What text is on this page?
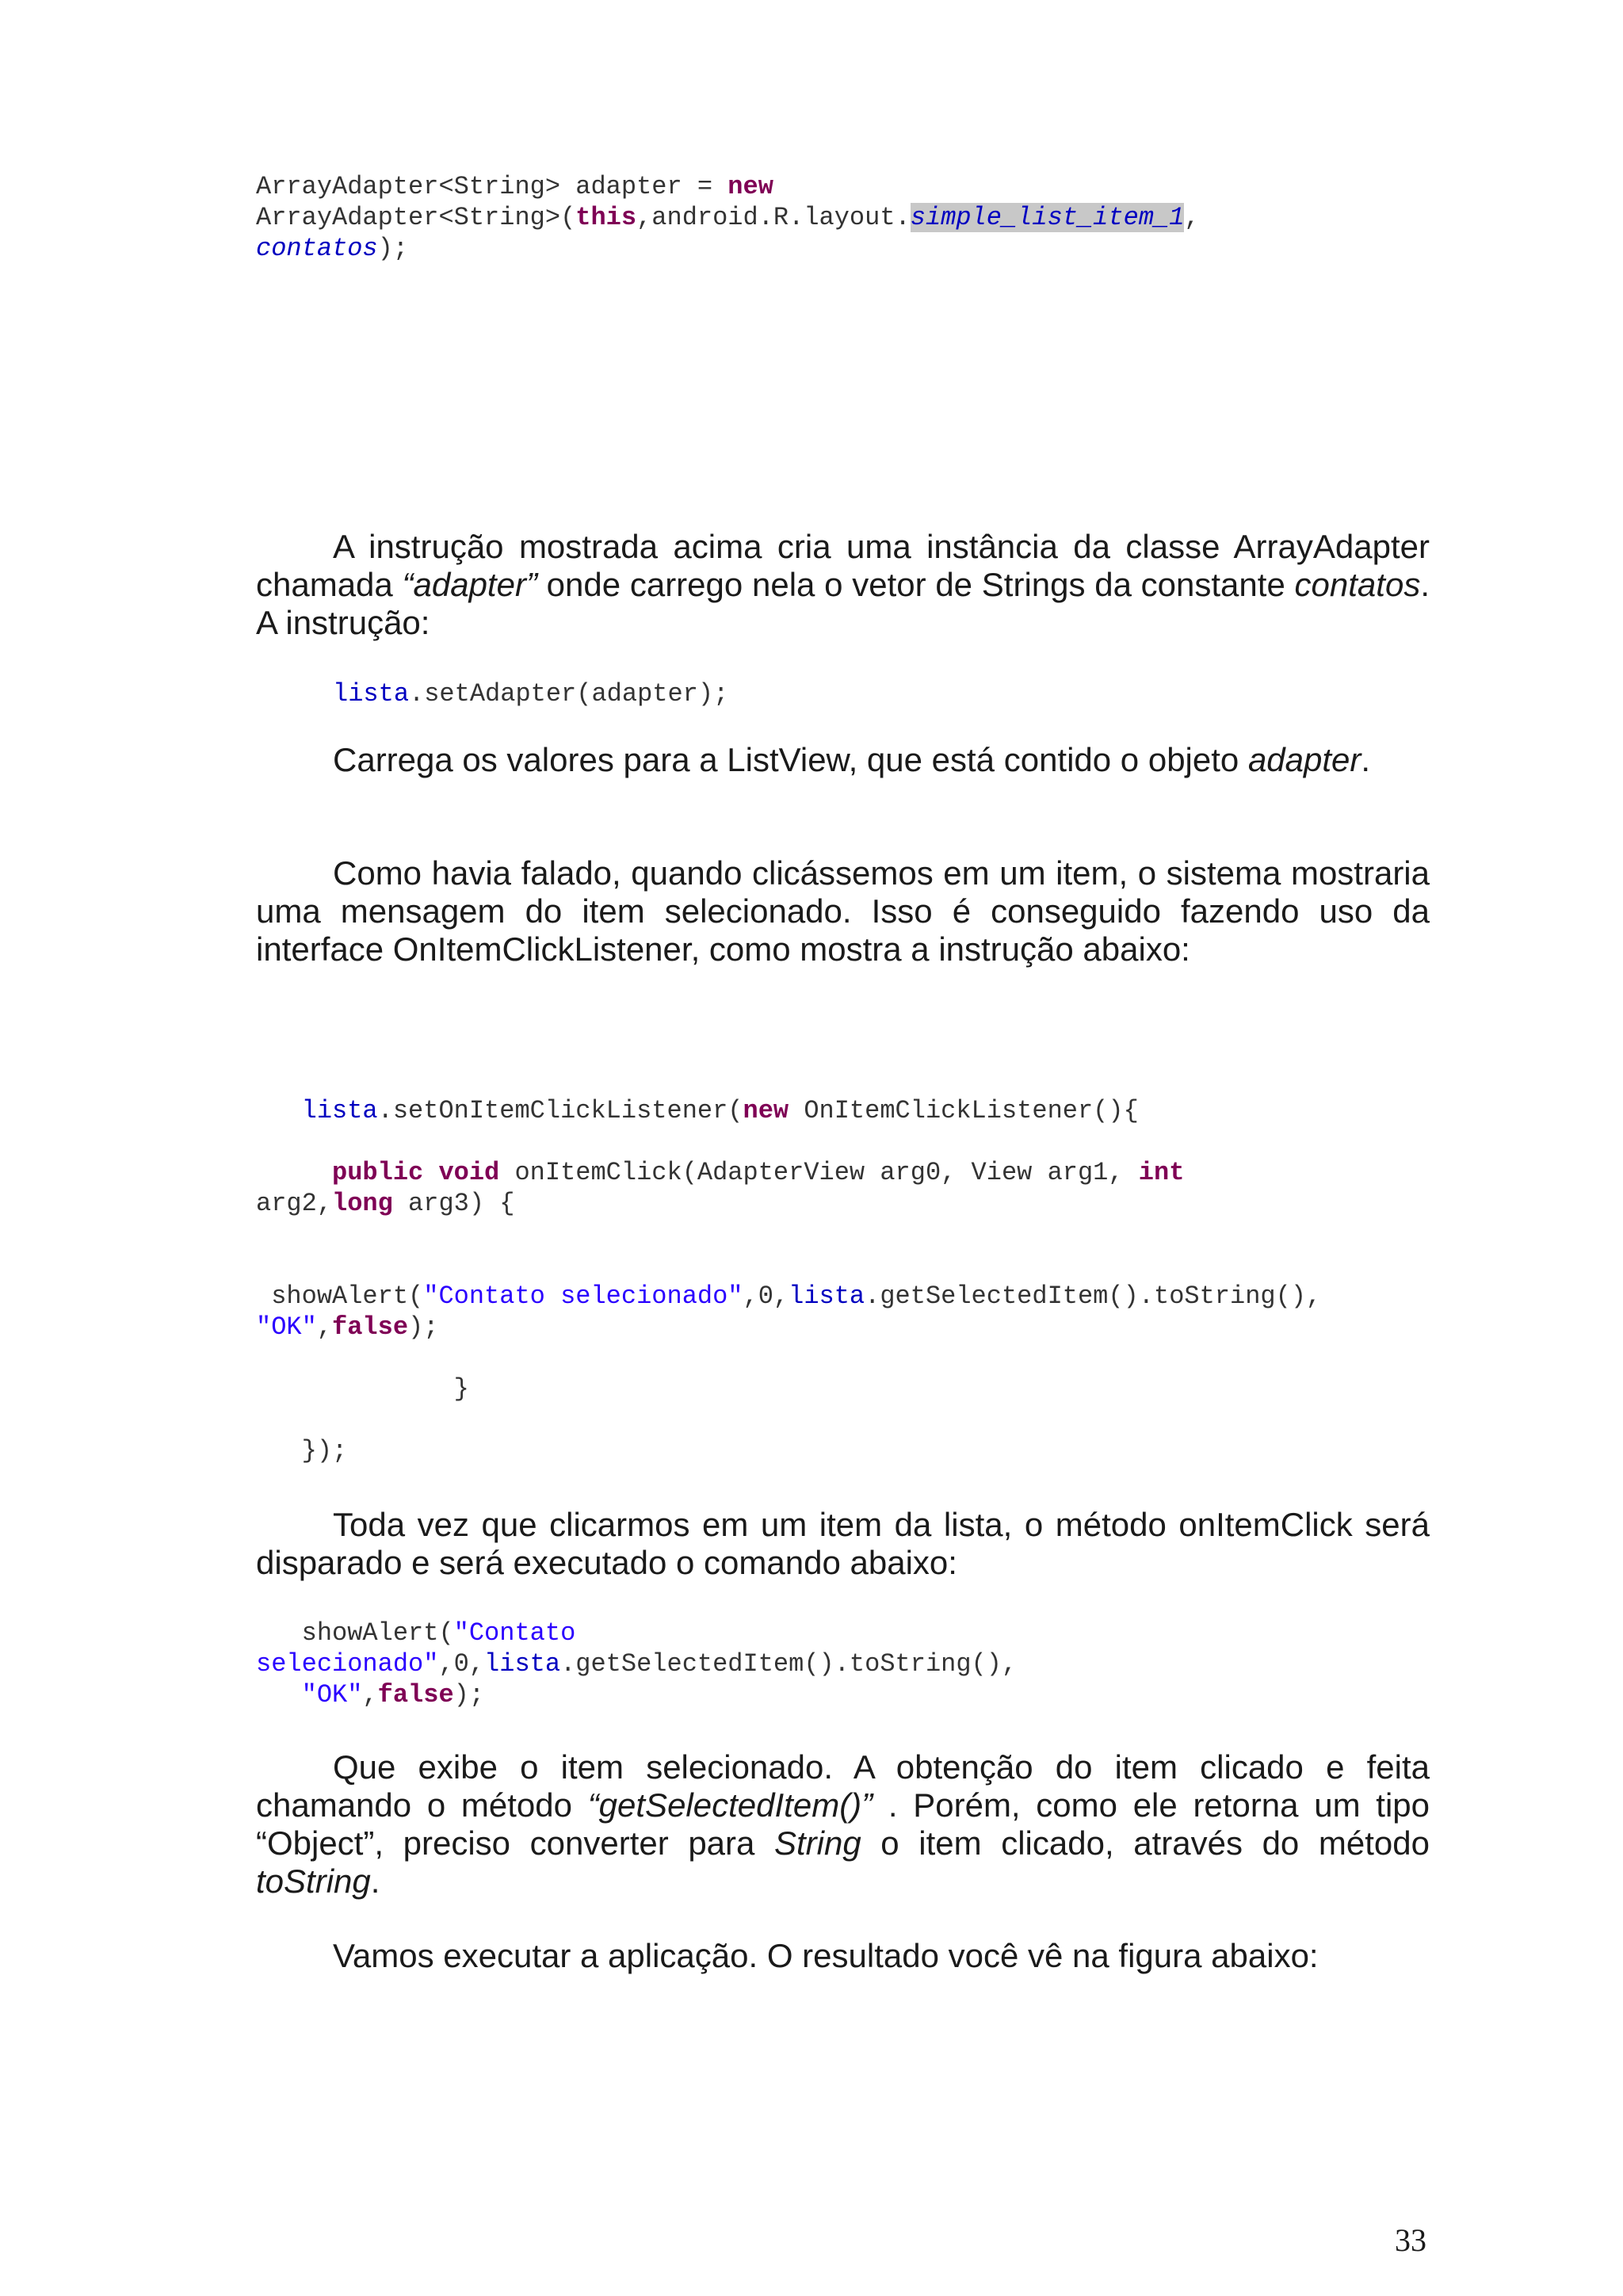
ArrayAdapter<String> adapter = new
ArrayAdapter<String>(this,android.R.layout.simple_list_item_1,
contatos);

A instrução mostrada acima cria uma instância da classe ArrayAdapter chamada “adapter” onde carrego nela o vetor de Strings da constante contatos. A instrução:

lista.setAdapter(adapter);

Carrega os valores para a ListView, que está contido o objeto adapter.

Como havia falado, quando clicássemos em um item, o sistema mostraria uma mensagem do item selecionado. Isso é conseguido fazendo uso da interface OnItemClickListener, como mostra a instrução abaixo:

lista.setOnItemClickListener(new OnItemClickListener(){

public void onItemClick(AdapterView arg0, View arg1, int
arg2,long arg3) {

showAlert("Contato selecionado",0,lista.getSelectedItem().toString(),
"OK",false);

}

});

Toda vez que clicarmos em um item da lista, o método onItemClick será disparado e será executado o comando abaixo:

showAlert("Contato
selecionado",0,lista.getSelectedItem().toString(),
"OK",false);

Que exibe o item selecionado. A obtenção do item clicado e feita chamando o método “getSelectedItem()” . Porém, como ele retorna um tipo “Object”, preciso converter para String o item clicado, através do método toString.

Vamos executar a aplicação. O resultado você vê na figura abaixo:

33
